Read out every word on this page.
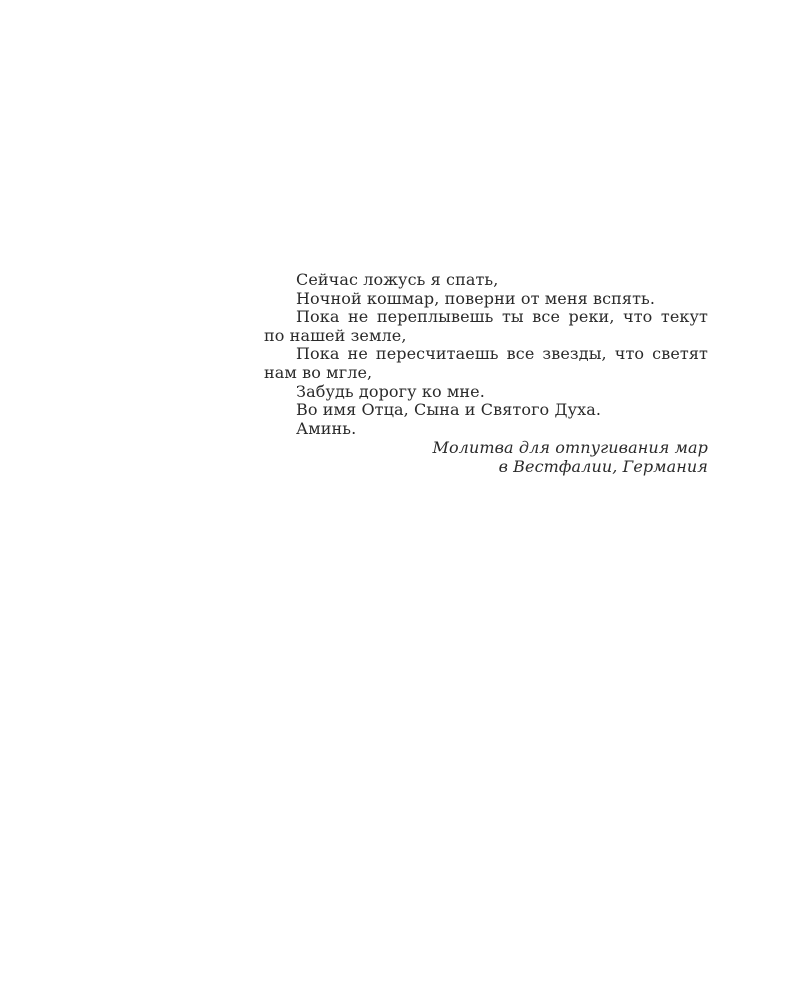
Сейчас ложусь я спать,

Ночной кошмар, поверни от меня вспять.

Пока не переплывешь ты все реки, что текут по нашей земле,

Пока не пересчитаешь все звезды, что светят нам во мгле,

Забудь дорогу ко мне.

Во имя Отца, Сына и Святого Духа.

Аминь.

Молитва для отпугивания мар
в Вестфалии, Германия
